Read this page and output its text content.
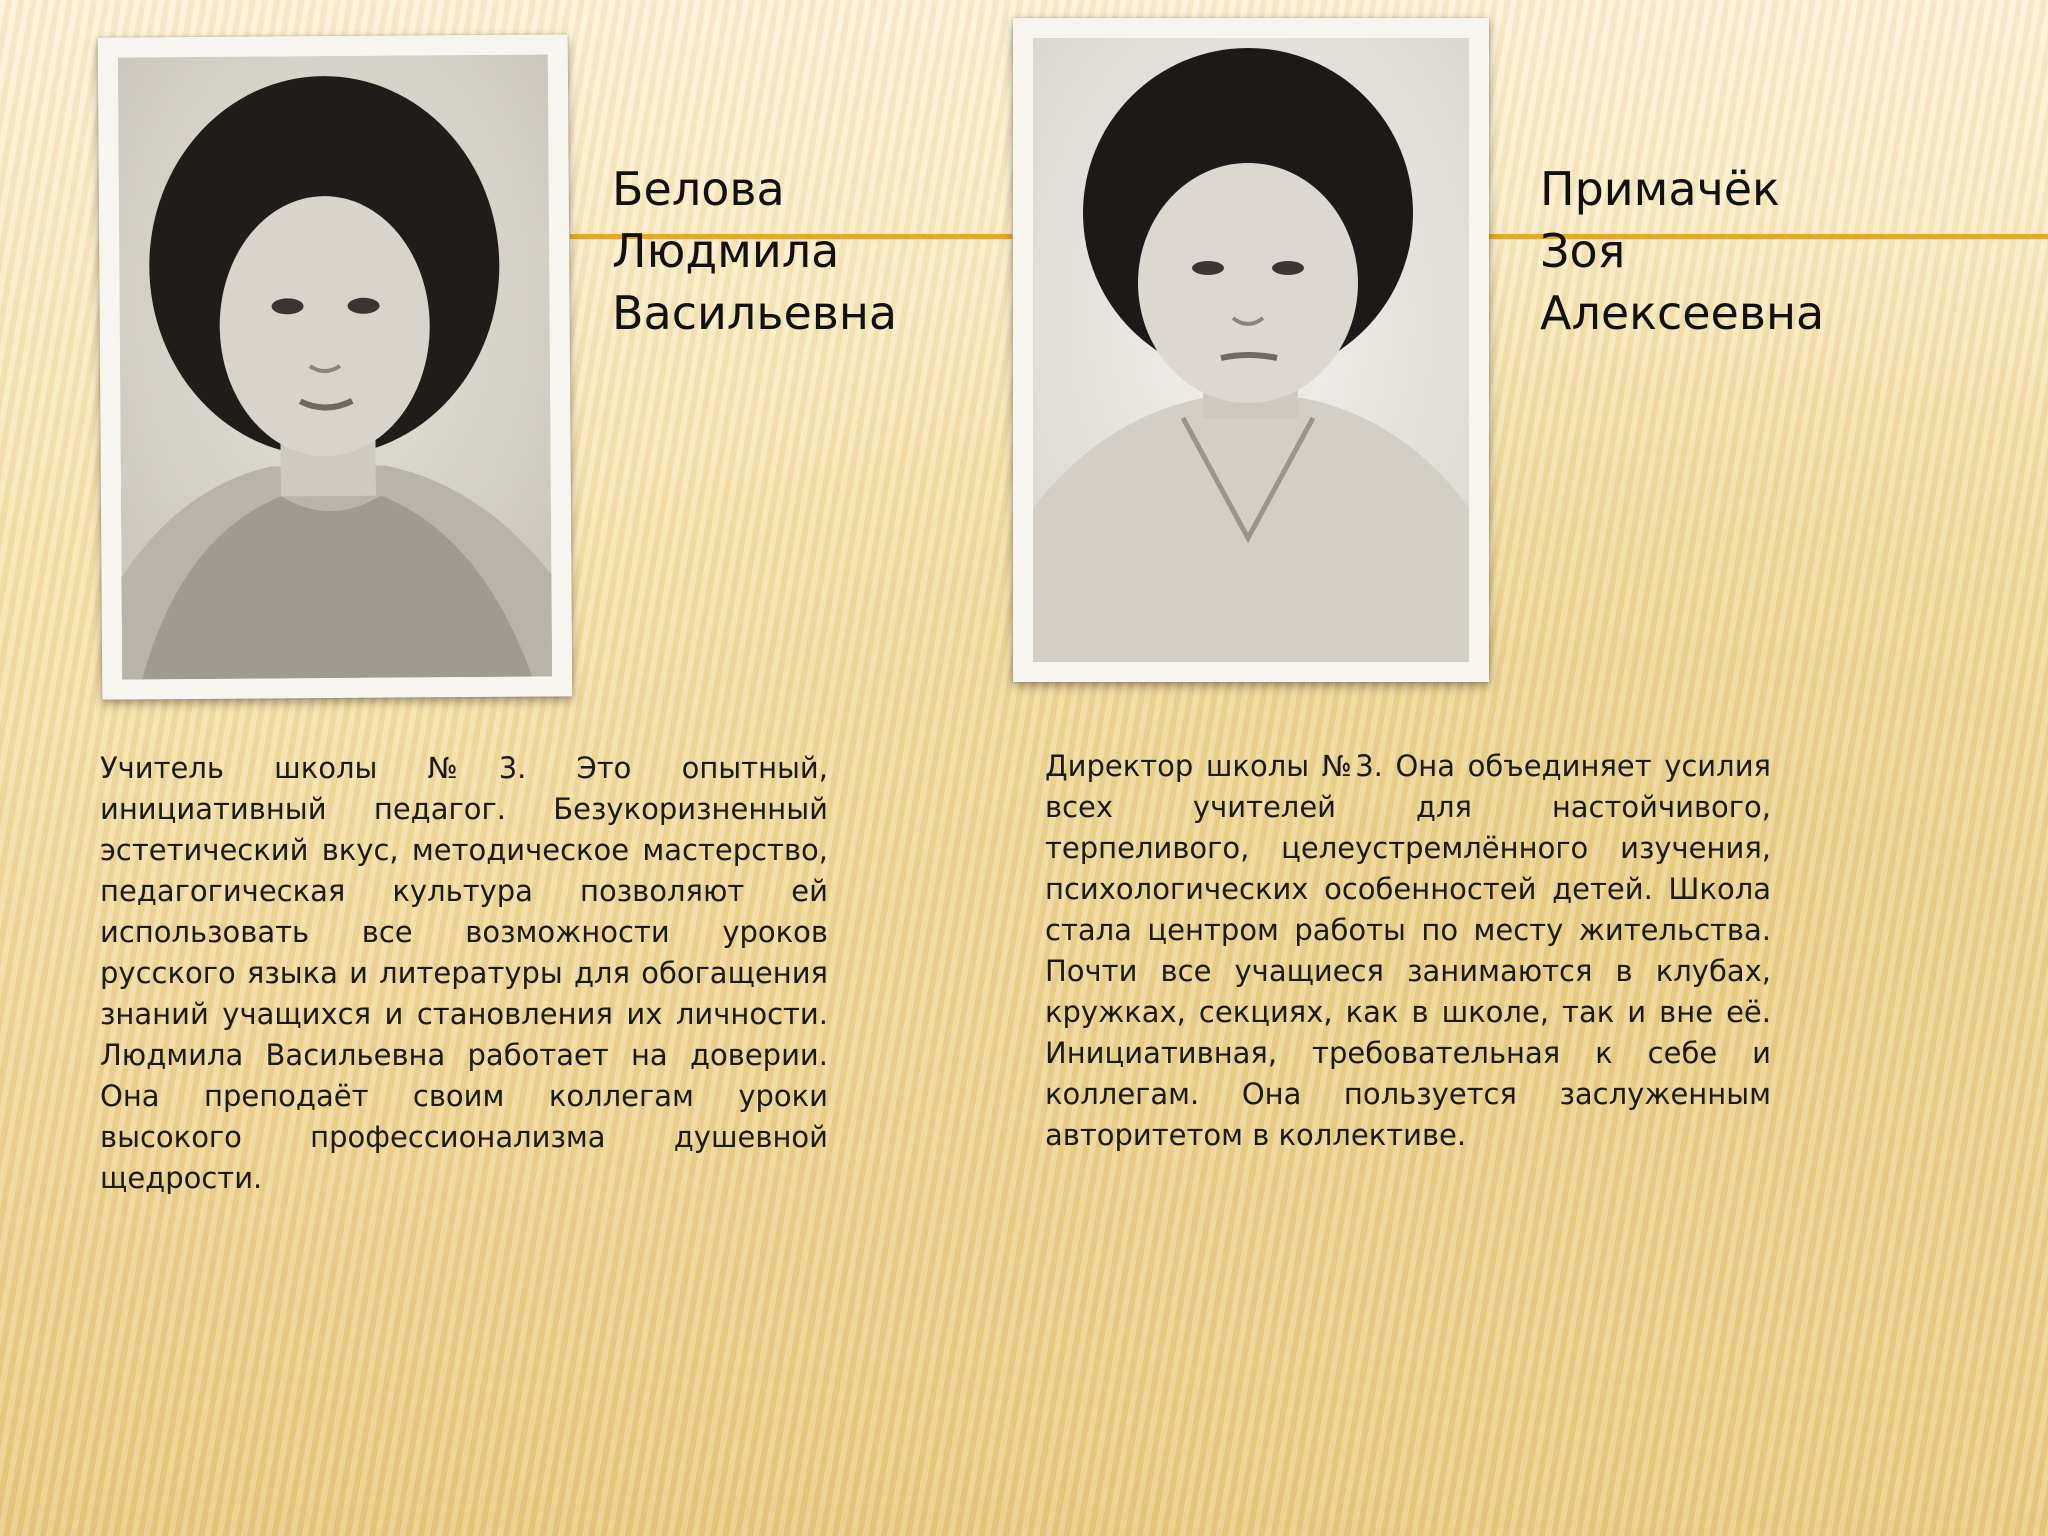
Белова
Людмила
Васильевна
Примачёк
Зоя
Алексеевна
Учитель школы №3. Это опытный, инициативный педагог. Безукоризненный эстетический вкус, методическое мастерство, педагогическая культура позволяют ей использовать все возможности уроков русского языка и литературы для обогащения знаний учащихся и становления их личности. Людмила Васильевна работает на доверии. Она преподаёт своим коллегам уроки высокого профессионализма душевной щедрости.
Директор школы №3. Она объединяет усилия всех учителей для настойчивого, терпеливого, целеустремлённого изучения, психологических особенностей детей. Школа стала центром работы по месту жительства. Почти все учащиеся занимаются в клубах, кружках, секциях, как в школе, так и вне её. Инициативная, требовательная к себе и коллегам. Она пользуется заслуженным авторитетом в коллективе.
